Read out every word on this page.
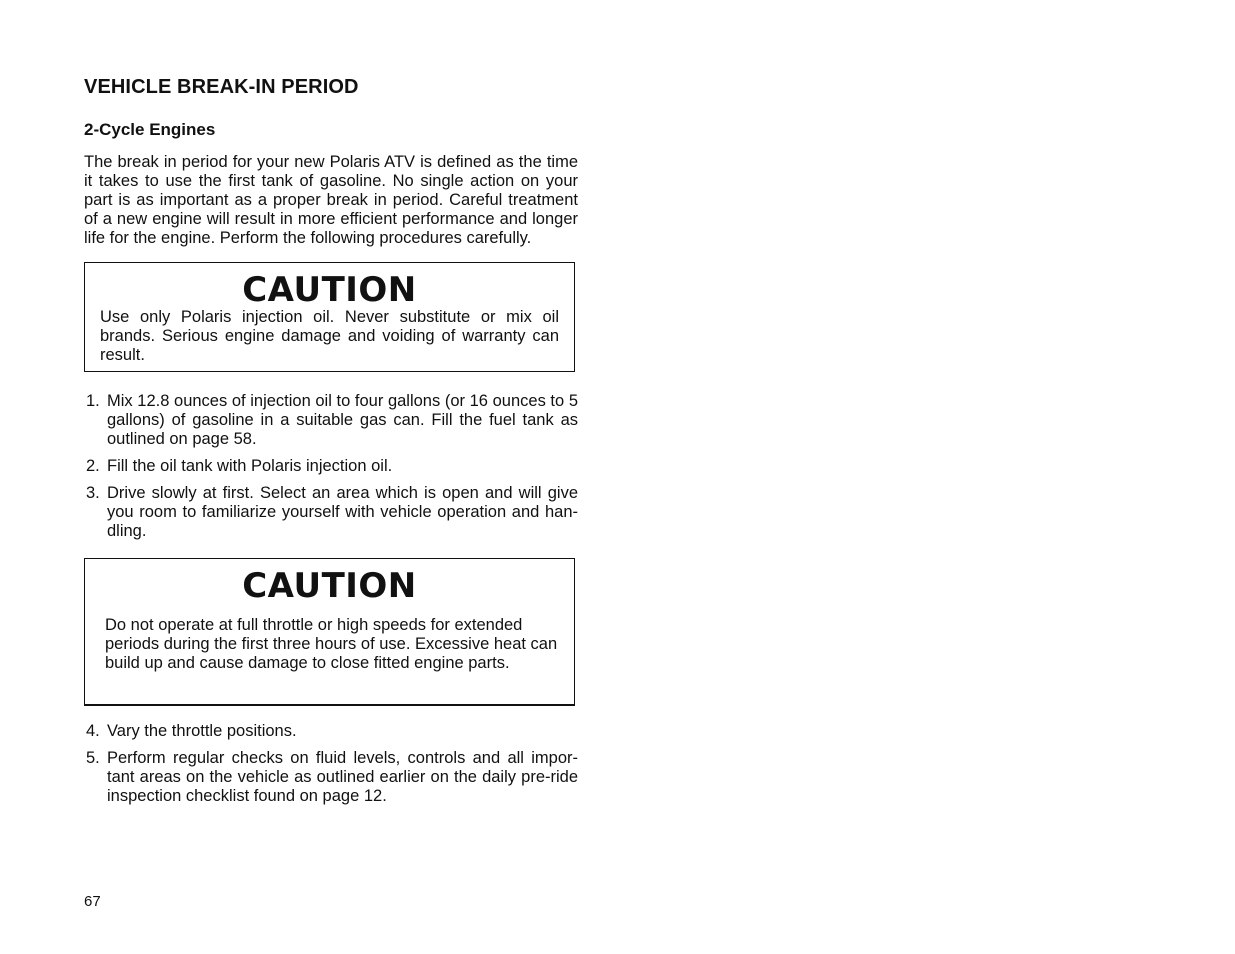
VEHICLE BREAK-IN PERIOD
2-Cycle Engines

The break in period for your new Polaris ATV is defined as the time it takes to use the first tank of gasoline. No single action on your part is as important as a proper break in period. Careful treatment of a new engine will result in more efficient performance and longer life for the engine. Perform the following procedures carefully.

CAUTION

Use only Polaris injection oil. Never substitute or mix oil brands. Serious engine damage and voiding of warranty can result.

1. Mix 12.8 ounces of injection oil to four gallons (or 16 ounces to 5 gallons) of gasoline in a suitable gas can. Fill the fuel tank as outlined on page 58.
2. Fill the oil tank with Polaris injection oil.
3. Drive slowly at first. Select an area which is open and will give you room to familiarize yourself with vehicle operation and han-dling.

CAUTION

Do not operate at full throttle or high speeds for extended periods during the first three hours of use. Excessive heat can build up and cause damage to close fitted engine parts.

4. Vary the throttle positions.
5. Perform regular checks on fluid levels, controls and all impor-tant areas on the vehicle as outlined earlier on the daily pre-ride inspection checklist found on page 12.

67
